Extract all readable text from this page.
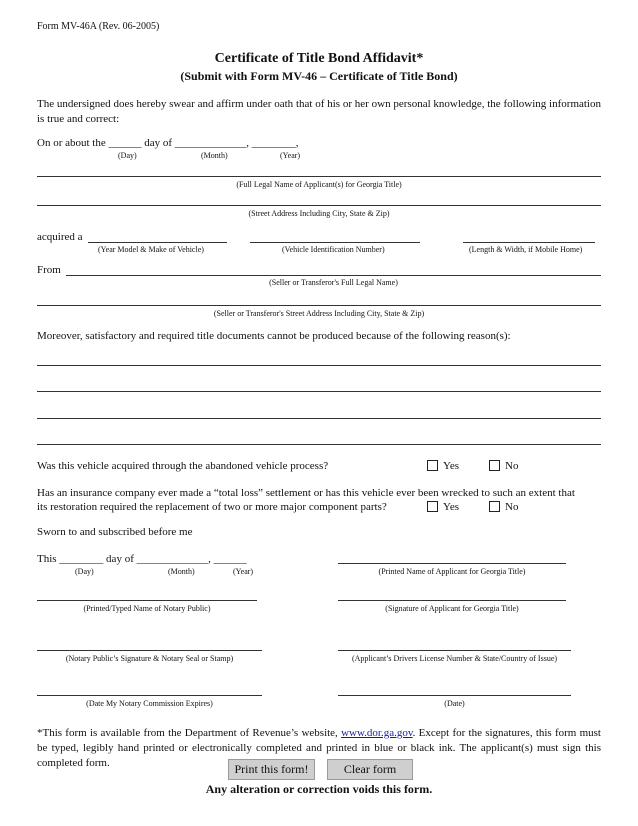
Form MV-46A (Rev. 06-2005)
Certificate of Title Bond Affidavit*
(Submit with Form MV-46 – Certificate of Title Bond)
The undersigned does hereby swear and affirm under oath that of his or her own personal knowledge, the following information is true and correct:
On or about the ______ day of _____________, ________,
(Day)	(Month)	(Year)
(Full Legal Name of Applicant(s) for Georgia Title)
(Street Address Including City, State & Zip)
acquired a
(Year Model & Make of Vehicle)	(Vehicle Identification Number)	(Length & Width, if Mobile Home)
From
(Seller or Transferor's Full Legal Name)
(Seller or Transferor's Street Address Including City, State & Zip)
Moreover, satisfactory and required title documents cannot be produced because of the following reason(s):
Was this vehicle acquired through the abandoned vehicle process?	Yes	No
Has an insurance company ever made a “total loss” settlement or has this vehicle ever been wrecked to such an extent that
its restoration required the replacement of two or more major component parts?	Yes	No
Sworn to and subscribed before me
This ________ day of _____________, ______
(Day)	(Month)	(Year)	(Printed Name of Applicant for Georgia Title)
(Printed/Typed Name of Notary Public)	(Signature of Applicant for Georgia Title)
(Notary Public’s Signature & Notary Seal or Stamp)	(Applicant’s Drivers License Number & State/Country of Issue)
(Date My Notary Commission Expires)	(Date)
*This form is available from the Department of Revenue’s website, www.dor.ga.gov. Except for the signatures, this form must be typed, legibly hand printed or electronically completed and printed in blue or black ink. The applicant(s) must sign this completed form.	Print this form!	Clear form
Any alteration or correction voids this form.
